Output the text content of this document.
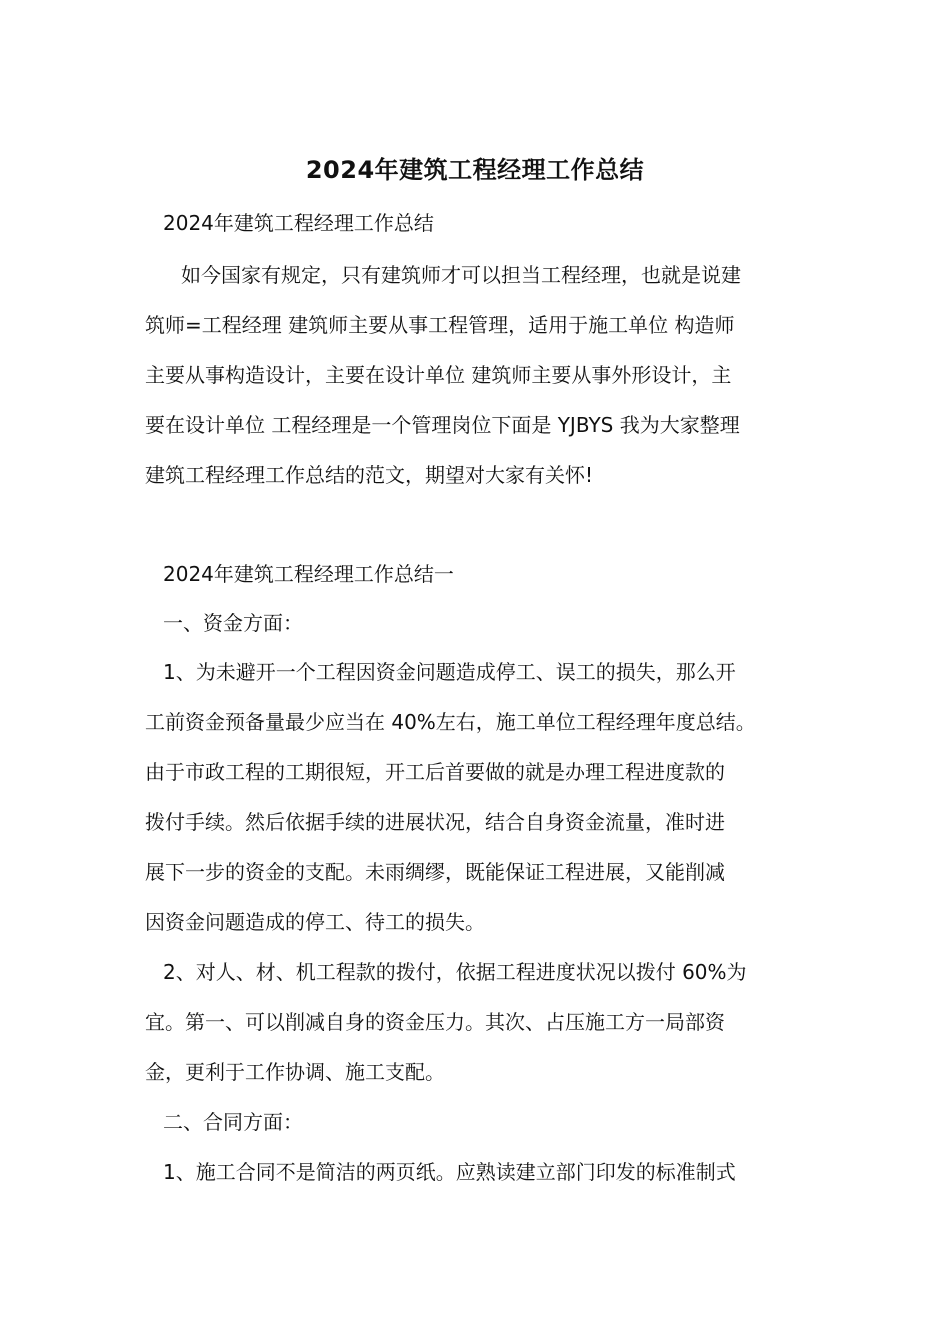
2024年建筑工程经理工作总结
2024年建筑工程经理工作总结
如今国家有规定，只有建筑师才可以担当工程经理，也就是说建
筑师=工程经理 建筑师主要从事工程管理，适用于施工单位 构造师
主要从事构造设计，主要在设计单位 建筑师主要从事外形设计，主
要在设计单位 工程经理是一个管理岗位下面是 YJBYS 我为大家整理
建筑工程经理工作总结的范文，期望对大家有关怀!
2024年建筑工程经理工作总结一
一、资金方面：
1、为未避开一个工程因资金问题造成停工、误工的损失，那么开
工前资金预备量最少应当在 40%左右，施工单位工程经理年度总结。
由于市政工程的工期很短，开工后首要做的就是办理工程进度款的
拨付手续。然后依据手续的进展状况，结合自身资金流量，准时进
展下一步的资金的支配。未雨绸缪，既能保证工程进展，又能削减
因资金问题造成的停工、待工的损失。
2、对人、材、机工程款的拨付，依据工程进度状况以拨付 60%为
宜。第一、可以削减自身的资金压力。其次、占压施工方一局部资
金，更利于工作协调、施工支配。
二、合同方面：
1、施工合同不是简洁的两页纸。应熟读建立部门印发的标准制式
